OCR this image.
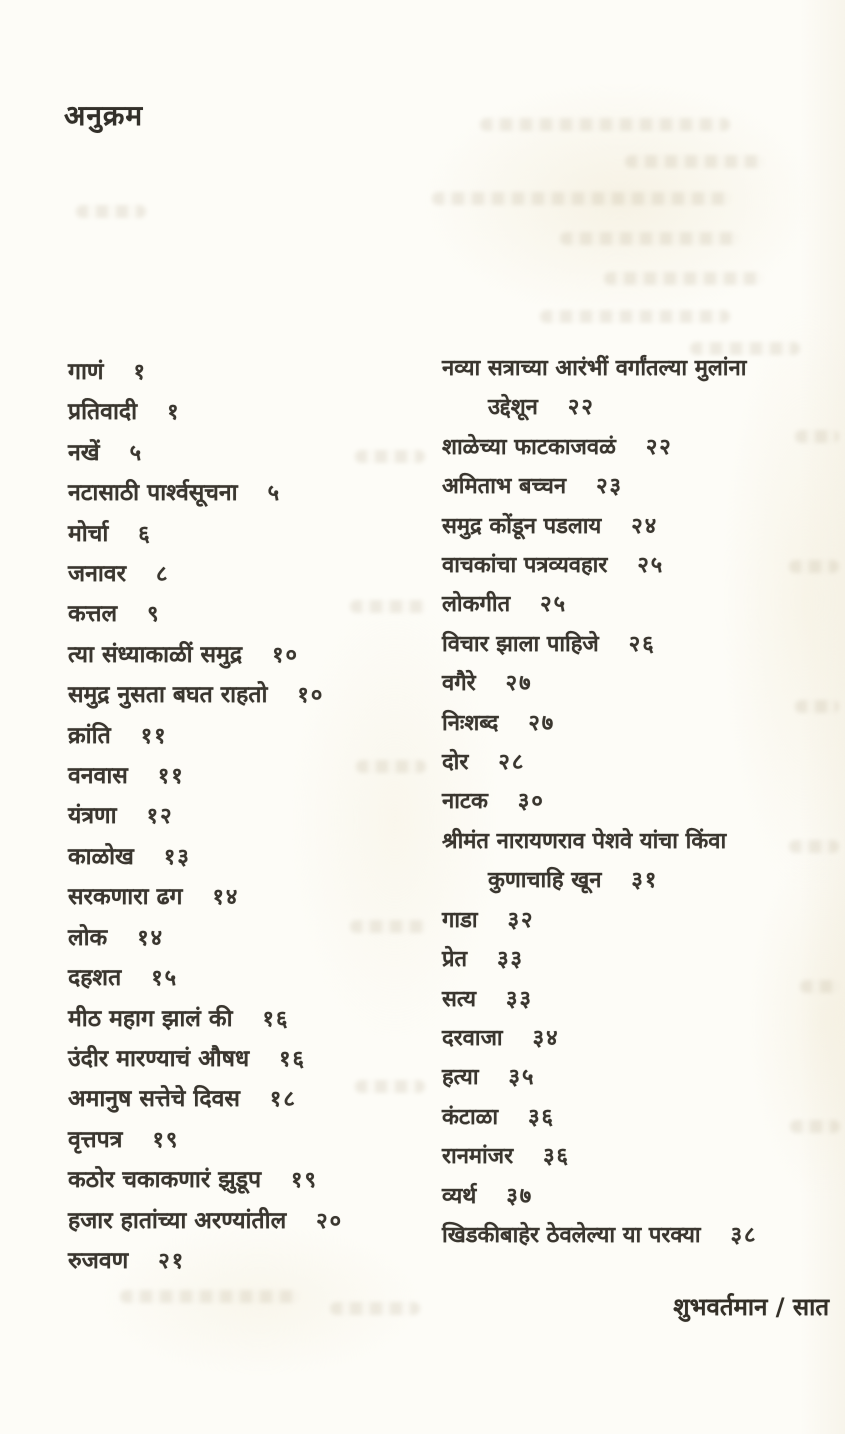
अनुक्रम
गाणं १
प्रतिवादी १
नखें ५
नटासाठी पार्श्वसूचना ५
मोर्चा ६
जनावर ८
कत्तल ९
त्या संध्याकाळीं समुद्र १०
समुद्र नुसता बघत राहतो १०
क्रांति ११
वनवास ११
यंत्रणा १२
काळोख १३
सरकणारा ढग १४
लोक १४
दहशत १५
मीठ महाग झालं की १६
उंदीर मारण्याचं औषध १६
अमानुष सत्तेचे दिवस १८
वृत्तपत्र १९
कठोर चकाकणारं झुडूप १९
हजार हातांच्या अरण्यांतील २०
रुजवण २१
नव्या सत्राच्या आरंभीं वर्गांतल्या मुलांना
उद्देशून २२
शाळेच्या फाटकाजवळं २२
अमिताभ बच्चन २३
समुद्र कोंडून पडलाय २४
वाचकांचा पत्रव्यवहार २५
लोकगीत २५
विचार झाला पाहिजे २६
वगैरे २७
निःशब्द २७
दोर २८
नाटक ३०
श्रीमंत नारायणराव पेशवे यांचा किंवा
कुणाचाहि खून ३१
गाडा ३२
प्रेत ३३
सत्य ३३
दरवाजा ३४
हत्या ३५
कंटाळा ३६
रानमांजर ३६
व्यर्थ ३७
खिडकीबाहेर ठेवलेल्या या परक्या ३८
शुभवर्तमान / सात
